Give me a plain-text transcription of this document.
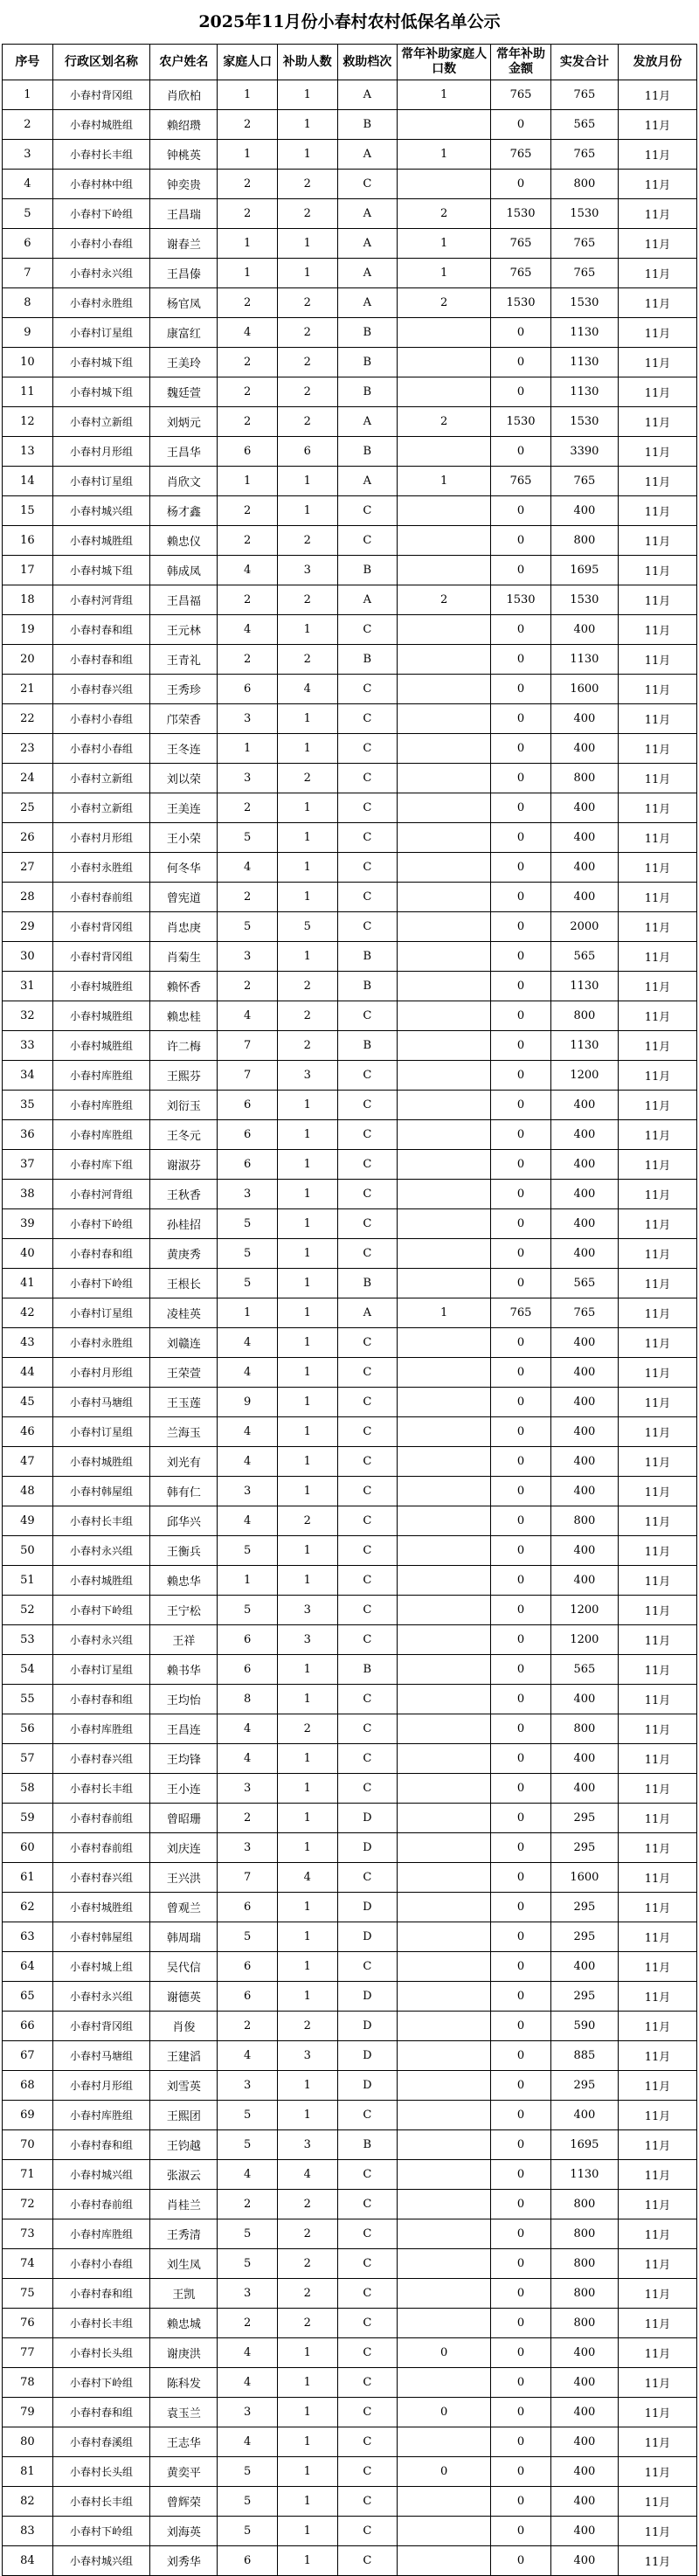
2025年11月份小春村农村低保名单公示
序号	行政区划名称	农户姓名	家庭人口	补助人数	救助档次	常年补助家庭人口数	常年补助金额	实发合计	发放月份
1	小春村背冈组	肖欣柏	1	1	A	1	765	765	11月
2	小春村城胜组	赖绍瓒	2	1	B		0	565	11月
3	小春村长丰组	钟桃英	1	1	A	1	765	765	11月
4	小春村林中组	钟奕贵	2	2	C		0	800	11月
5	小春村下岭组	王昌瑞	2	2	A	2	1530	1530	11月
6	小春村小春组	谢春兰	1	1	A	1	765	765	11月
7	小春村永兴组	王昌傣	1	1	A	1	765	765	11月
8	小春村永胜组	杨官凤	2	2	A	2	1530	1530	11月
9	小春村订星组	康富红	4	2	B		0	1130	11月
10	小春村城下组	王美玲	2	2	B		0	1130	11月
11	小春村城下组	魏廷萱	2	2	B		0	1130	11月
12	小春村立新组	刘炳元	2	2	A	2	1530	1530	11月
13	小春村月形组	王昌华	6	6	B		0	3390	11月
14	小春村订星组	肖欣文	1	1	A	1	765	765	11月
15	小春村城兴组	杨才鑫	2	1	C		0	400	11月
16	小春村城胜组	赖忠仪	2	2	C		0	800	11月
17	小春村城下组	韩成凤	4	3	B		0	1695	11月
18	小春村河背组	王昌福	2	2	A	2	1530	1530	11月
19	小春村春和组	王元林	4	1	C		0	400	11月
20	小春村春和组	王青礼	2	2	B		0	1130	11月
21	小春村春兴组	王秀珍	6	4	C		0	1600	11月
22	小春村小春组	邝荣香	3	1	C		0	400	11月
23	小春村小春组	王冬连	1	1	C		0	400	11月
24	小春村立新组	刘以荣	3	2	C		0	800	11月
25	小春村立新组	王美连	2	1	C		0	400	11月
26	小春村月形组	王小荣	5	1	C		0	400	11月
27	小春村永胜组	何冬华	4	1	C		0	400	11月
28	小春村春前组	曾宪道	2	1	C		0	400	11月
29	小春村背冈组	肖忠庚	5	5	C		0	2000	11月
30	小春村背冈组	肖菊生	3	1	B		0	565	11月
31	小春村城胜组	赖怀香	2	2	B		0	1130	11月
32	小春村城胜组	赖忠桂	4	2	C		0	800	11月
33	小春村城胜组	许二梅	7	2	B		0	1130	11月
34	小春村库胜组	王熙芬	7	3	C		0	1200	11月
35	小春村库胜组	刘衍玉	6	1	C		0	400	11月
36	小春村库胜组	王冬元	6	1	C		0	400	11月
37	小春村库下组	谢淑芬	6	1	C		0	400	11月
38	小春村河背组	王秋香	3	1	C		0	400	11月
39	小春村下岭组	孙桂招	5	1	C		0	400	11月
40	小春村春和组	黄庚秀	5	1	C		0	400	11月
41	小春村下岭组	王根长	5	1	B		0	565	11月
42	小春村订星组	凌桂英	1	1	A	1	765	765	11月
43	小春村永胜组	刘赣连	4	1	C		0	400	11月
44	小春村月形组	王荣萱	4	1	C		0	400	11月
45	小春村马塘组	王玉莲	9	1	C		0	400	11月
46	小春村订星组	兰海玉	4	1	C		0	400	11月
47	小春村城胜组	刘光有	4	1	C		0	400	11月
48	小春村韩屋组	韩有仁	3	1	C		0	400	11月
49	小春村长丰组	邱华兴	4	2	C		0	800	11月
50	小春村永兴组	王衡兵	5	1	C		0	400	11月
51	小春村城胜组	赖忠华	1	1	C		0	400	11月
52	小春村下岭组	王宁松	5	3	C		0	1200	11月
53	小春村永兴组	王祥	6	3	C		0	1200	11月
54	小春村订星组	赖书华	6	1	B		0	565	11月
55	小春村春和组	王均怡	8	1	C		0	400	11月
56	小春村库胜组	王昌连	4	2	C		0	800	11月
57	小春村春兴组	王均锋	4	1	C		0	400	11月
58	小春村长丰组	王小连	3	1	C		0	400	11月
59	小春村春前组	曾昭珊	2	1	D		0	295	11月
60	小春村春前组	刘庆连	3	1	D		0	295	11月
61	小春村春兴组	王兴洪	7	4	C		0	1600	11月
62	小春村城胜组	曾观兰	6	1	D		0	295	11月
63	小春村韩屋组	韩周瑞	5	1	D		0	295	11月
64	小春村城上组	吴代信	6	1	C		0	400	11月
65	小春村永兴组	谢德英	6	1	D		0	295	11月
66	小春村背冈组	肖俊	2	2	D		0	590	11月
67	小春村马塘组	王建滔	4	3	D		0	885	11月
68	小春村月形组	刘雪英	3	1	D		0	295	11月
69	小春村库胜组	王熙团	5	1	C		0	400	11月
70	小春村春和组	王钧越	5	3	B		0	1695	11月
71	小春村城兴组	张淑云	4	4	C		0	1130	11月
72	小春村春前组	肖桂兰	2	2	C		0	800	11月
73	小春村库胜组	王秀清	5	2	C		0	800	11月
74	小春村小春组	刘生凤	5	2	C		0	800	11月
75	小春村春和组	王凯	3	2	C		0	800	11月
76	小春村长丰组	赖忠城	2	2	C		0	800	11月
77	小春村长头组	谢庚洪	4	1	C	0	0	400	11月
78	小春村下岭组	陈科发	4	1	C		0	400	11月
79	小春村春和组	袁玉兰	3	1	C	0	0	400	11月
80	小春村春溪组	王志华	4	1	C		0	400	11月
81	小春村长头组	黄奕平	5	1	C	0	0	400	11月
82	小春村长丰组	曾辉荣	5	1	C		0	400	11月
83	小春村下岭组	刘海英	5	1	C		0	400	11月
84	小春村城兴组	刘秀华	6	1	C		0	400	11月
